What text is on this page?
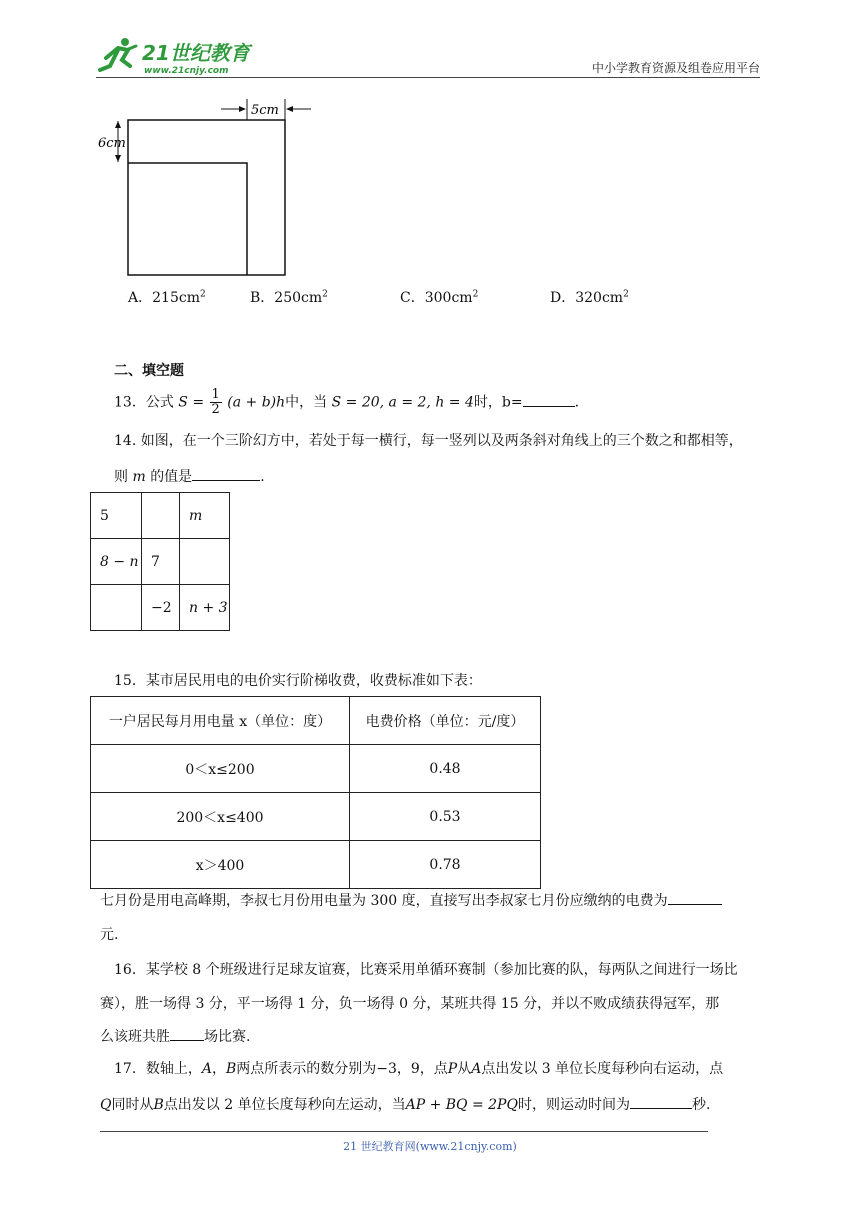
21世纪教育
www.21cnjy.com	中小学教育资源及组卷应用平台
5cm
6cm
A．$215cm^2$	B．$250cm^2$	C．$300cm^2$	D．$320cm^2$
二、填空题
13．公式 $S = \frac{1}{2} (a + b)h$中，当 S = 20, a = 2, h = 4时，b=	.
14. 如图，在一个三阶幻方中，若处于每一横行，每一竖列以及两条斜对角线上的三个数之和都相等，
则 m 的值是	.
5		m
8 − n	7	
	−2	n + 3
15．某市居民用电的电价实行阶梯收费，收费标准如下表：
一户居民每月用电量 x（单位：度）	电费价格（单位：元/度）
0＜x≤200	0.48
200＜x≤400	0.53
x＞400	0.78
七月份是用电高峰期，李叔七月份用电量为 300 度，直接写出李叔家七月份应缴纳的电费为
元.
16．某学校 8 个班级进行足球友谊赛，比赛采用单循环赛制（参加比赛的队，每两队之间进行一场比
赛），胜一场得 3 分，平一场得 1 分，负一场得 0 分，某班共得 15 分，并以不败成绩获得冠军，那
么该班共胜 场比赛.
17．数轴上，A，B两点所表示的数分别为−3，9，点P从A点出发以 3 单位长度每秒向右运动，点
Q同时从B点出发以 2 单位长度每秒向左运动，当AP + BQ = 2PQ时，则运动时间为	秒.
21 世纪教育网(www.21cnjy.com)
